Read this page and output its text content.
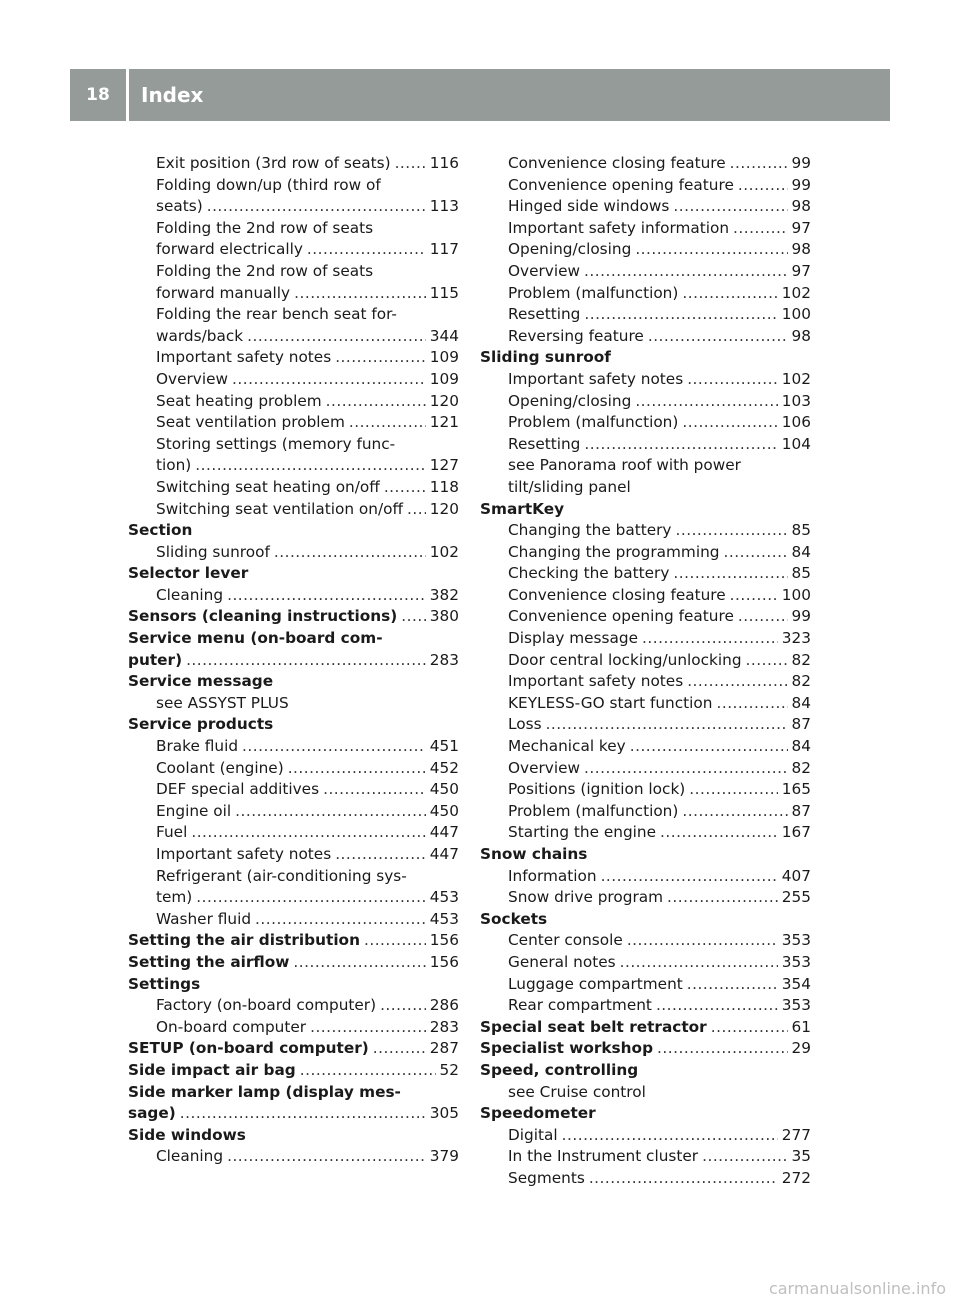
18	Index
Exit position (3rd row of seats) .....	116
Folding down/up (third row of
seats) .....	113
Folding the 2nd row of seats
forward electrically .....	117
Folding the 2nd row of seats
forward manually .....	115
Folding the rear bench seat for-
wards/back .....	344
Important safety notes .....	109
Overview .....	109
Seat heating problem .....	120
Seat ventilation problem .....	121
Storing settings (memory func-
tion) .....	127
Switching seat heating on/off .....	118
Switching seat ventilation on/off ..... 120
Section
Sliding sunroof .....	102
Selector lever
Cleaning .....	382
Sensors (cleaning instructions) ..... 380
Service menu (on-board com-
puter) .....	283
Service message
see ASSYST PLUS
Service products
Brake fluid .....	451
Coolant (engine) .....	452
DEF special additives .....	450
Engine oil .....	450
Fuel .....	447
Important safety notes .....	447
Refrigerant (air-conditioning sys-
tem) .....	453
Washer fluid .....	453
Setting the air distribution .....	156
Setting the airflow .....	156
Settings
Factory (on-board computer) .....	286
On-board computer .....	283
SETUP (on-board computer) .....	287
Side impact air bag .....	52
Side marker lamp (display mes-
sage) .....	305
Side windows
Cleaning .....	379
Convenience closing feature .....	99
Convenience opening feature .....	99
Hinged side windows .....	98
Important safety information .....	97
Opening/closing .....	98
Overview .....	97
Problem (malfunction) .....	102
Resetting .....	100
Reversing feature .....	98
Sliding sunroof
Important safety notes .....	102
Opening/closing .....	103
Problem (malfunction) .....	106
Resetting .....	104
see Panorama roof with power
tilt/sliding panel
SmartKey
Changing the battery .....	85
Changing the programming .....	84
Checking the battery .....	85
Convenience closing feature .....	100
Convenience opening feature .....	99
Display message .....	323
Door central locking/unlocking .....	82
Important safety notes .....	82
KEYLESS-GO start function .....	84
Loss .....	87
Mechanical key .....	84
Overview .....	82
Positions (ignition lock) .....	165
Problem (malfunction) .....	87
Starting the engine .....	167
Snow chains
Information .....	407
Snow drive program .....	255
Sockets
Center console .....	353
General notes .....	353
Luggage compartment .....	354
Rear compartment .....	353
Special seat belt retractor .....	61
Specialist workshop .....	29
Speed, controlling
see Cruise control
Speedometer
Digital .....	277
In the Instrument cluster .....	35
Segments .....	272
carmanualsonline.info
